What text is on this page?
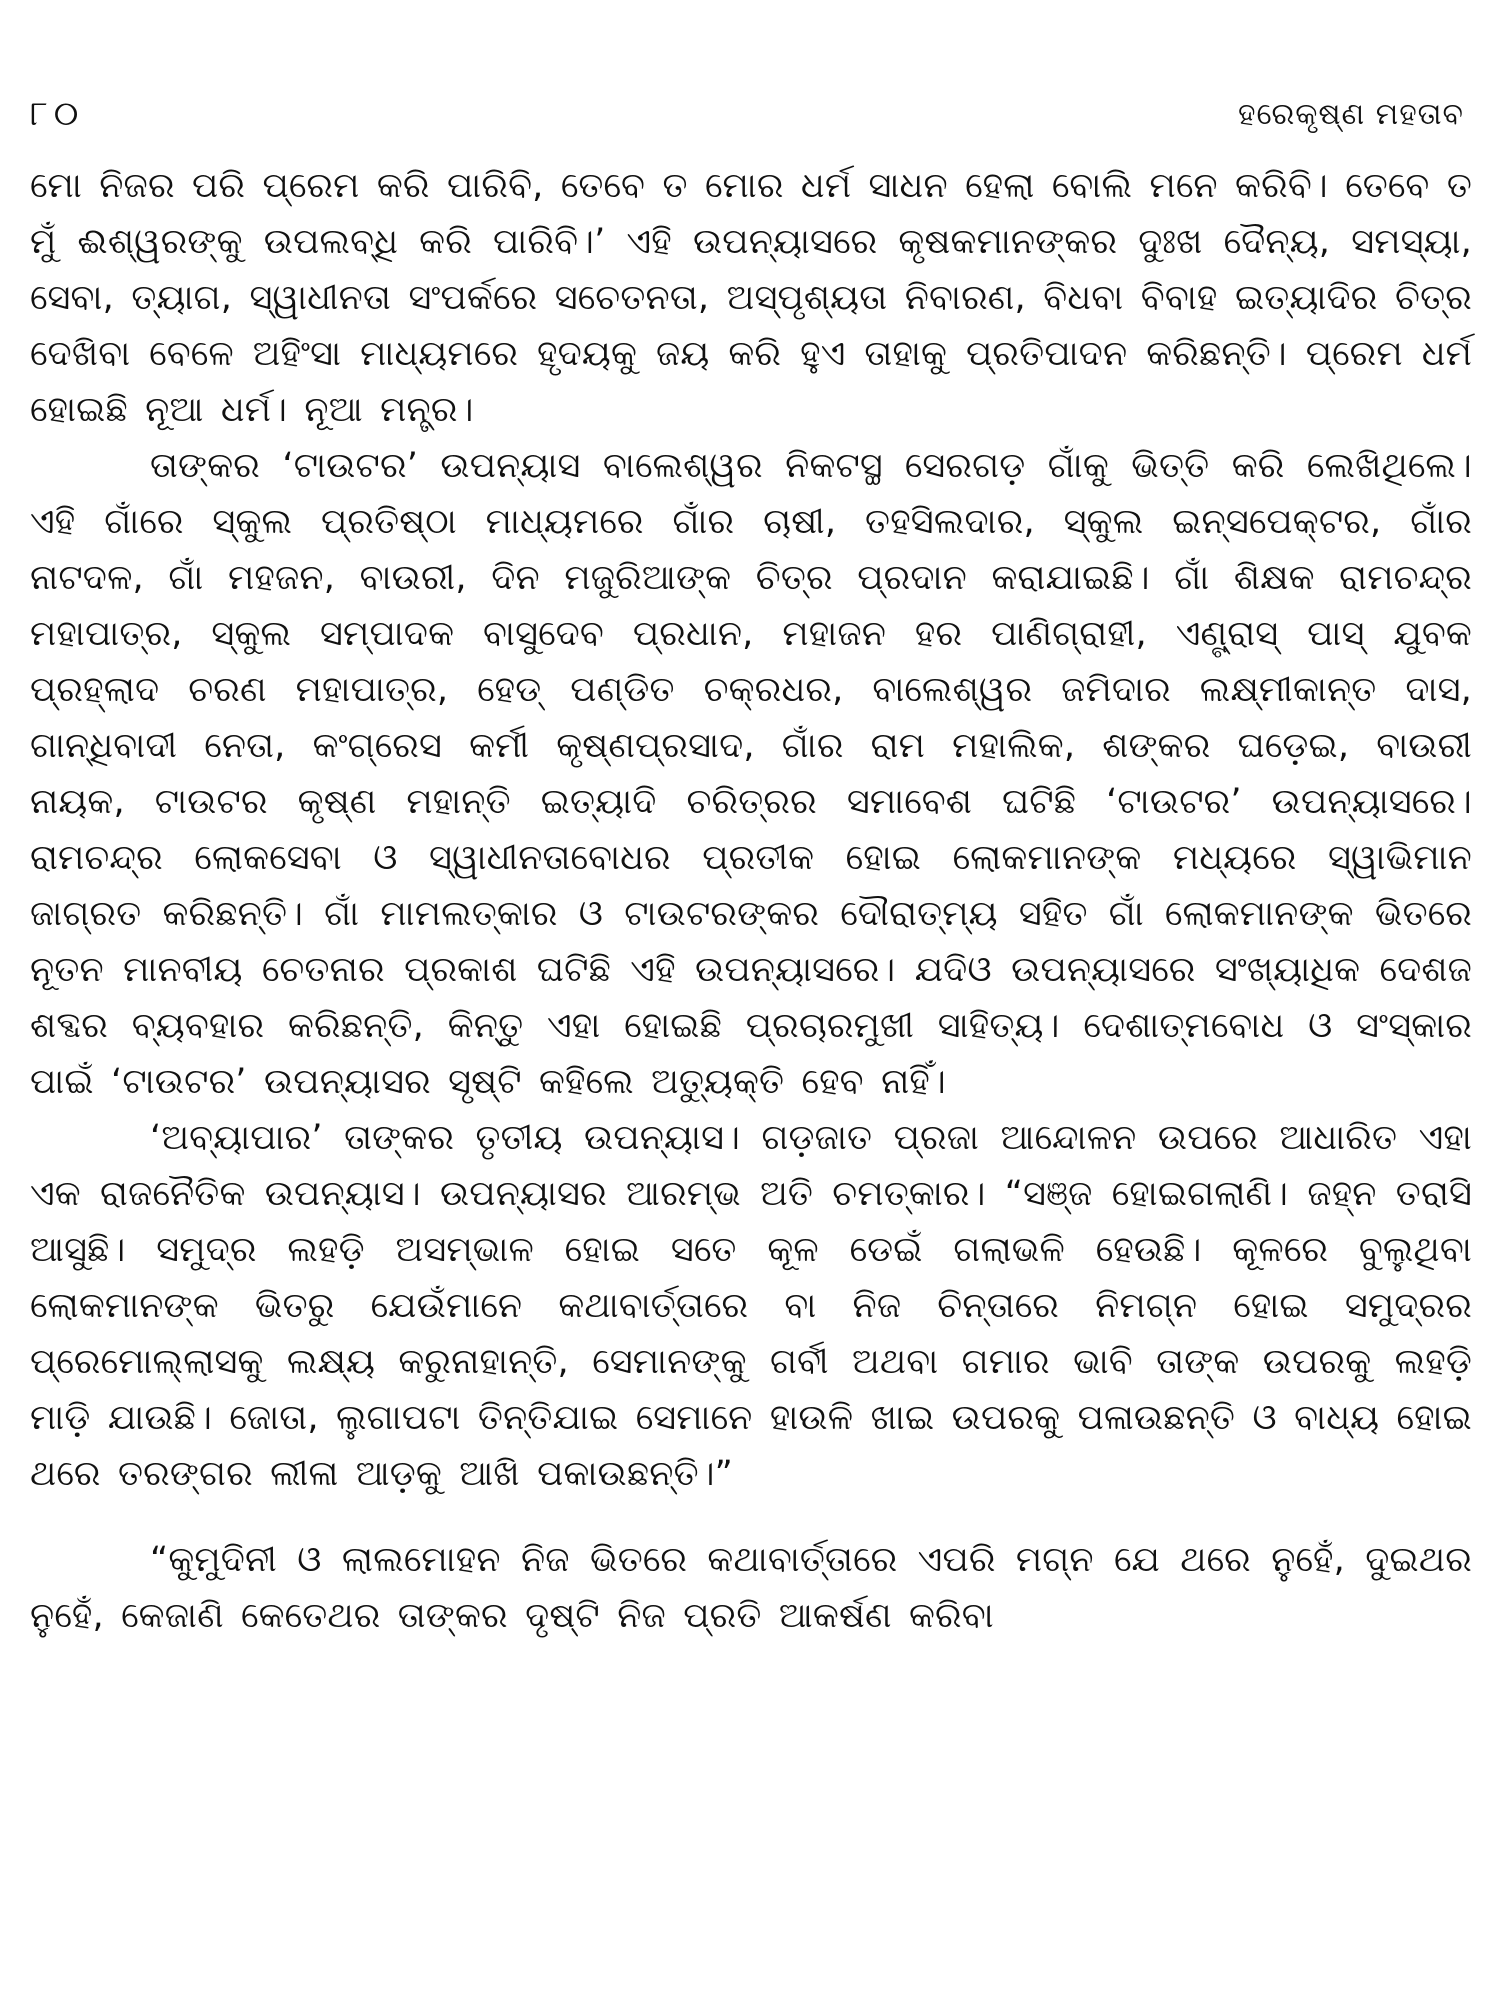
୮୦	ହରେକୃଷ୍ଣ ମହତାବ

ମୋ ନିଜର ପରି ପ୍ରେମ କରି ପାରିବି, ତେବେ ତ ମୋର ଧର୍ମ ସାଧନ ହେଲା ବୋଲି ମନେ କରିବି। ତେବେ ତ ମୁଁ ଈଶ୍ୱରଙ୍କୁ ଉପଲବ୍ଧି କରି ପାରିବି।’ ଏହି ଉପନ୍ୟାସରେ କୃଷକମାନଙ୍କର ଦୁଃଖ ଦୈନ୍ୟ, ସମସ୍ୟା, ସେବା, ତ୍ୟାଗ, ସ୍ୱାଧୀନତା ସଂପର୍କରେ ସଚେତନତା, ଅସ୍ପୃଶ୍ୟତା ନିବାରଣ, ବିଧବା ବିବାହ ଇତ୍ୟାଦିର ଚିତ୍ର ଦେଖିବା ବେଳେ ଅହିଂସା ମାଧ୍ୟମରେ ହୃଦୟକୁ ଜୟ କରି ହୁଏ ତାହାକୁ ପ୍ରତିପାଦନ କରିଛନ୍ତି। ପ୍ରେମ ଧର୍ମ ହୋଇଛି ନୂଆ ଧର୍ମ। ନୂଆ ମନ୍ତ୍ର।

ତାଙ୍କର ‘ଟାଉଟର’ ଉପନ୍ୟାସ ବାଲେଶ୍ୱର ନିକଟସ୍ଥ ସେରଗଡ଼ ଗାଁକୁ ଭିତ୍ତି କରି ଲେଖିଥିଲେ। ଏହି ଗାଁରେ ସ୍କୁଲ ପ୍ରତିଷ୍ଠା ମାଧ୍ୟମରେ ଗାଁର ଚାଷୀ, ତହସିଲଦାର, ସ୍କୁଲ ଇନ୍‌ସପେକ୍ଟର, ଗାଁର ନାଟଦଳ, ଗାଁ ମହଜନ, ବାଉରୀ, ଦିନ ମଜୁରିଆଙ୍କ ଚିତ୍ର ପ୍ରଦାନ କରାଯାଇଛି। ଗାଁ ଶିକ୍ଷକ ରାମଚନ୍ଦ୍ର ମହାପାତ୍ର, ସ୍କୁଲ ସମ୍ପାଦକ ବାସୁଦେବ ପ୍ରଧାନ, ମହାଜନ ହର ପାଣିଗ୍ରାହୀ, ଏଣ୍ଟ୍ରାସ୍ ପାସ୍ ଯୁବକ ପ୍ରହ୍ଲାଦ ଚରଣ ମହାପାତ୍ର, ହେଡ୍ ପଣ୍ଡିତ ଚକ୍ରଧର, ବାଲେଶ୍ୱର ଜମିଦାର ଲକ୍ଷ୍ମୀକାନ୍ତ ଦାସ, ଗାନ୍ଧିବାଦୀ ନେତା, କଂଗ୍ରେସ କର୍ମୀ କୃଷ୍ଣପ୍ରସାଦ, ଗାଁର ରାମ ମହାଲିକ, ଶଙ୍କର ଘଡ଼େଇ, ବାଉରୀ ନାୟକ, ଟାଉଟର କୃଷ୍ଣ ମହାନ୍ତି ଇତ୍ୟାଦି ଚରିତ୍ରର ସମାବେଶ ଘଟିଛି ‘ଟାଉଟର’ ଉପନ୍ୟାସରେ। ରାମଚନ୍ଦ୍ର ଲୋକସେବା ଓ ସ୍ୱାଧୀନତାବୋଧର ପ୍ରତୀକ ହୋଇ ଲୋକମାନଙ୍କ ମଧ୍ୟରେ ସ୍ୱାଭିମାନ ଜାଗ୍ରତ କରିଛନ୍ତି। ଗାଁ ମାମଲତ୍‌କାର ଓ ଟାଉଟରଙ୍କର ଦୌରାତ୍ମ୍ୟ ସହିତ ଗାଁ ଲୋକମାନଙ୍କ ଭିତରେ ନୂତନ ମାନବୀୟ ଚେତନାର ପ୍ରକାଶ ଘଟିଛି ଏହି ଉପନ୍ୟାସରେ। ଯଦିଓ ଉପନ୍ୟାସରେ ସଂଖ୍ୟାଧିକ ଦେଶଜ ଶବ୍ଦର ବ୍ୟବହାର କରିଛନ୍ତି, କିନ୍ତୁ ଏହା ହୋଇଛି ପ୍ରଚାରମୁଖୀ ସାହିତ୍ୟ। ଦେଶାତ୍ମବୋଧ ଓ ସଂସ୍କାର ପାଇଁ ‘ଟାଉଟର’ ଉପନ୍ୟାସର ସୃଷ୍ଟି କହିଲେ ଅତ୍ୟୁକ୍ତି ହେବ ନାହିଁ।

‘ଅବ୍ୟାପାର’ ତାଙ୍କର ତୃତୀୟ ଉପନ୍ୟାସ। ଗଡ଼ଜାତ ପ୍ରଜା ଆନ୍ଦୋଳନ ଉପରେ ଆଧାରିତ ଏହା ଏକ ରାଜନୈତିକ ଉପନ୍ୟାସ। ଉପନ୍ୟାସର ଆରମ୍ଭ ଅତି ଚମତ୍କାର। “ସଞ୍ଜ ହୋଇଗଲାଣି। ଜହ୍ନ ତରାସି ଆସୁଛି। ସମୁଦ୍ର ଲହଡ଼ି ଅସମ୍ଭାଳ ହୋଇ ସତେ କୂଳ ଡେଇଁ ଗଲାଭଳି ହେଉଛି। କୂଳରେ ବୁଲୁଥିବା ଲୋକମାନଙ୍କ ଭିତରୁ ଯେଉଁମାନେ କଥାବାର୍ତ୍ତାରେ ବା ନିଜ ଚିନ୍ତାରେ ନିମଗ୍ନ ହୋଇ ସମୁଦ୍ରର ପ୍ରେମୋଲ୍ଲାସକୁ ଲକ୍ଷ୍ୟ କରୁନାହାନ୍ତି, ସେମାନଙ୍କୁ ଗର୍ବୀ ଅଥବା ଗମାର ଭାବି ତାଙ୍କ ଉପରକୁ ଲହଡ଼ି ମାଡ଼ି ଯାଉଛି। ଜୋତା, ଲୁଗାପଟା ତିନ୍ତିଯାଇ ସେମାନେ ହାଉଳି ଖାଇ ଉପରକୁ ପଳାଉଛନ୍ତି ଓ ବାଧ୍ୟ ହୋଇ ଥରେ ତରଙ୍ଗର ଲୀଳା ଆଡ଼କୁ ଆଖି ପକାଉଛନ୍ତି।”

“କୁମୁଦିନୀ ଓ ଲାଲମୋହନ ନିଜ ଭିତରେ କଥାବାର୍ତ୍ତାରେ ଏପରି ମଗ୍ନ ଯେ ଥରେ ନୁହେଁ, ଦୁଇଥର ନୁହେଁ, କେଜାଣି କେତେଥର ତାଙ୍କର ଦୃଷ୍ଟି ନିଜ ପ୍ରତି ଆକର୍ଷଣ କରିବା
